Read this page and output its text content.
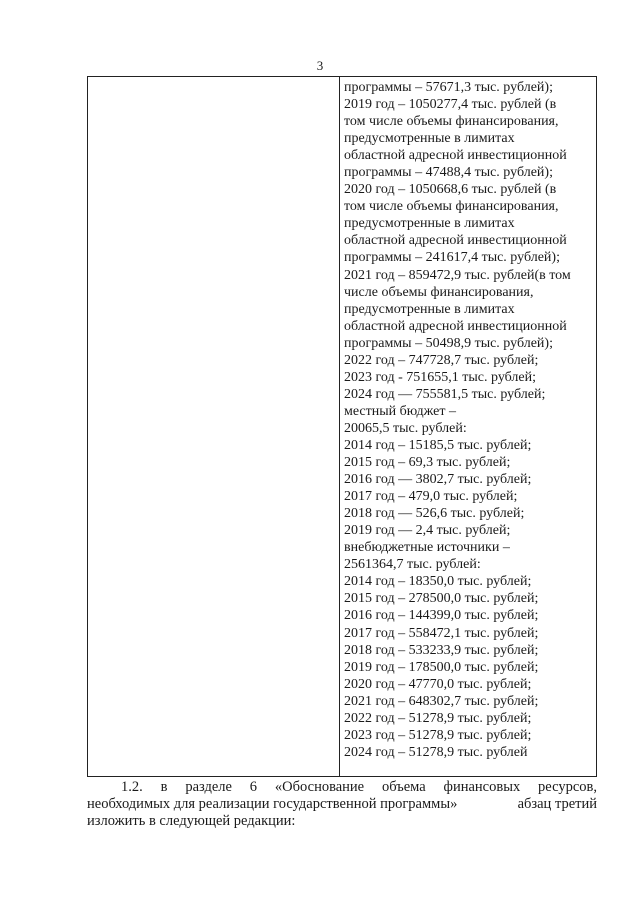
3
программы – 57671,3 тыс. рублей);
2019 год – 1050277,4 тыс. рублей (в
том числе объемы финансирования,
предусмотренные в лимитах
областной адресной инвестиционной
программы – 47488,4 тыс. рублей);
2020 год – 1050668,6 тыс. рублей (в
том числе объемы финансирования,
предусмотренные в лимитах
областной адресной инвестиционной
программы – 241617,4 тыс. рублей);
2021 год – 859472,9 тыс. рублей(в том
числе объемы финансирования,
предусмотренные в лимитах
областной адресной инвестиционной
программы – 50498,9 тыс. рублей);
2022 год – 747728,7 тыс. рублей;
2023 год - 751655,1 тыс. рублей;
2024 год — 755581,5 тыс. рублей;
местный бюджет –
20065,5 тыс. рублей:
2014 год – 15185,5 тыс. рублей;
2015 год – 69,3 тыс. рублей;
2016 год — 3802,7 тыс. рублей;
2017 год – 479,0 тыс. рублей;
2018 год — 526,6 тыс. рублей;
2019 год — 2,4 тыс. рублей;
внебюджетные источники –
2561364,7 тыс. рублей:
2014 год – 18350,0 тыс. рублей;
2015 год – 278500,0 тыс. рублей;
2016 год – 144399,0 тыс. рублей;
2017 год – 558472,1 тыс. рублей;
2018 год – 533233,9 тыс. рублей;
2019 год – 178500,0 тыс. рублей;
2020 год – 47770,0 тыс. рублей;
2021 год – 648302,7 тыс. рублей;
2022 год – 51278,9 тыс. рублей;
2023 год – 51278,9 тыс. рублей;
2024 год – 51278,9 тыс. рублей
1.2. в разделе 6 «Обоснование объема финансовых ресурсов,
необходимых для реализации государственной программы»	абзац третий
изложить в следующей редакции:
